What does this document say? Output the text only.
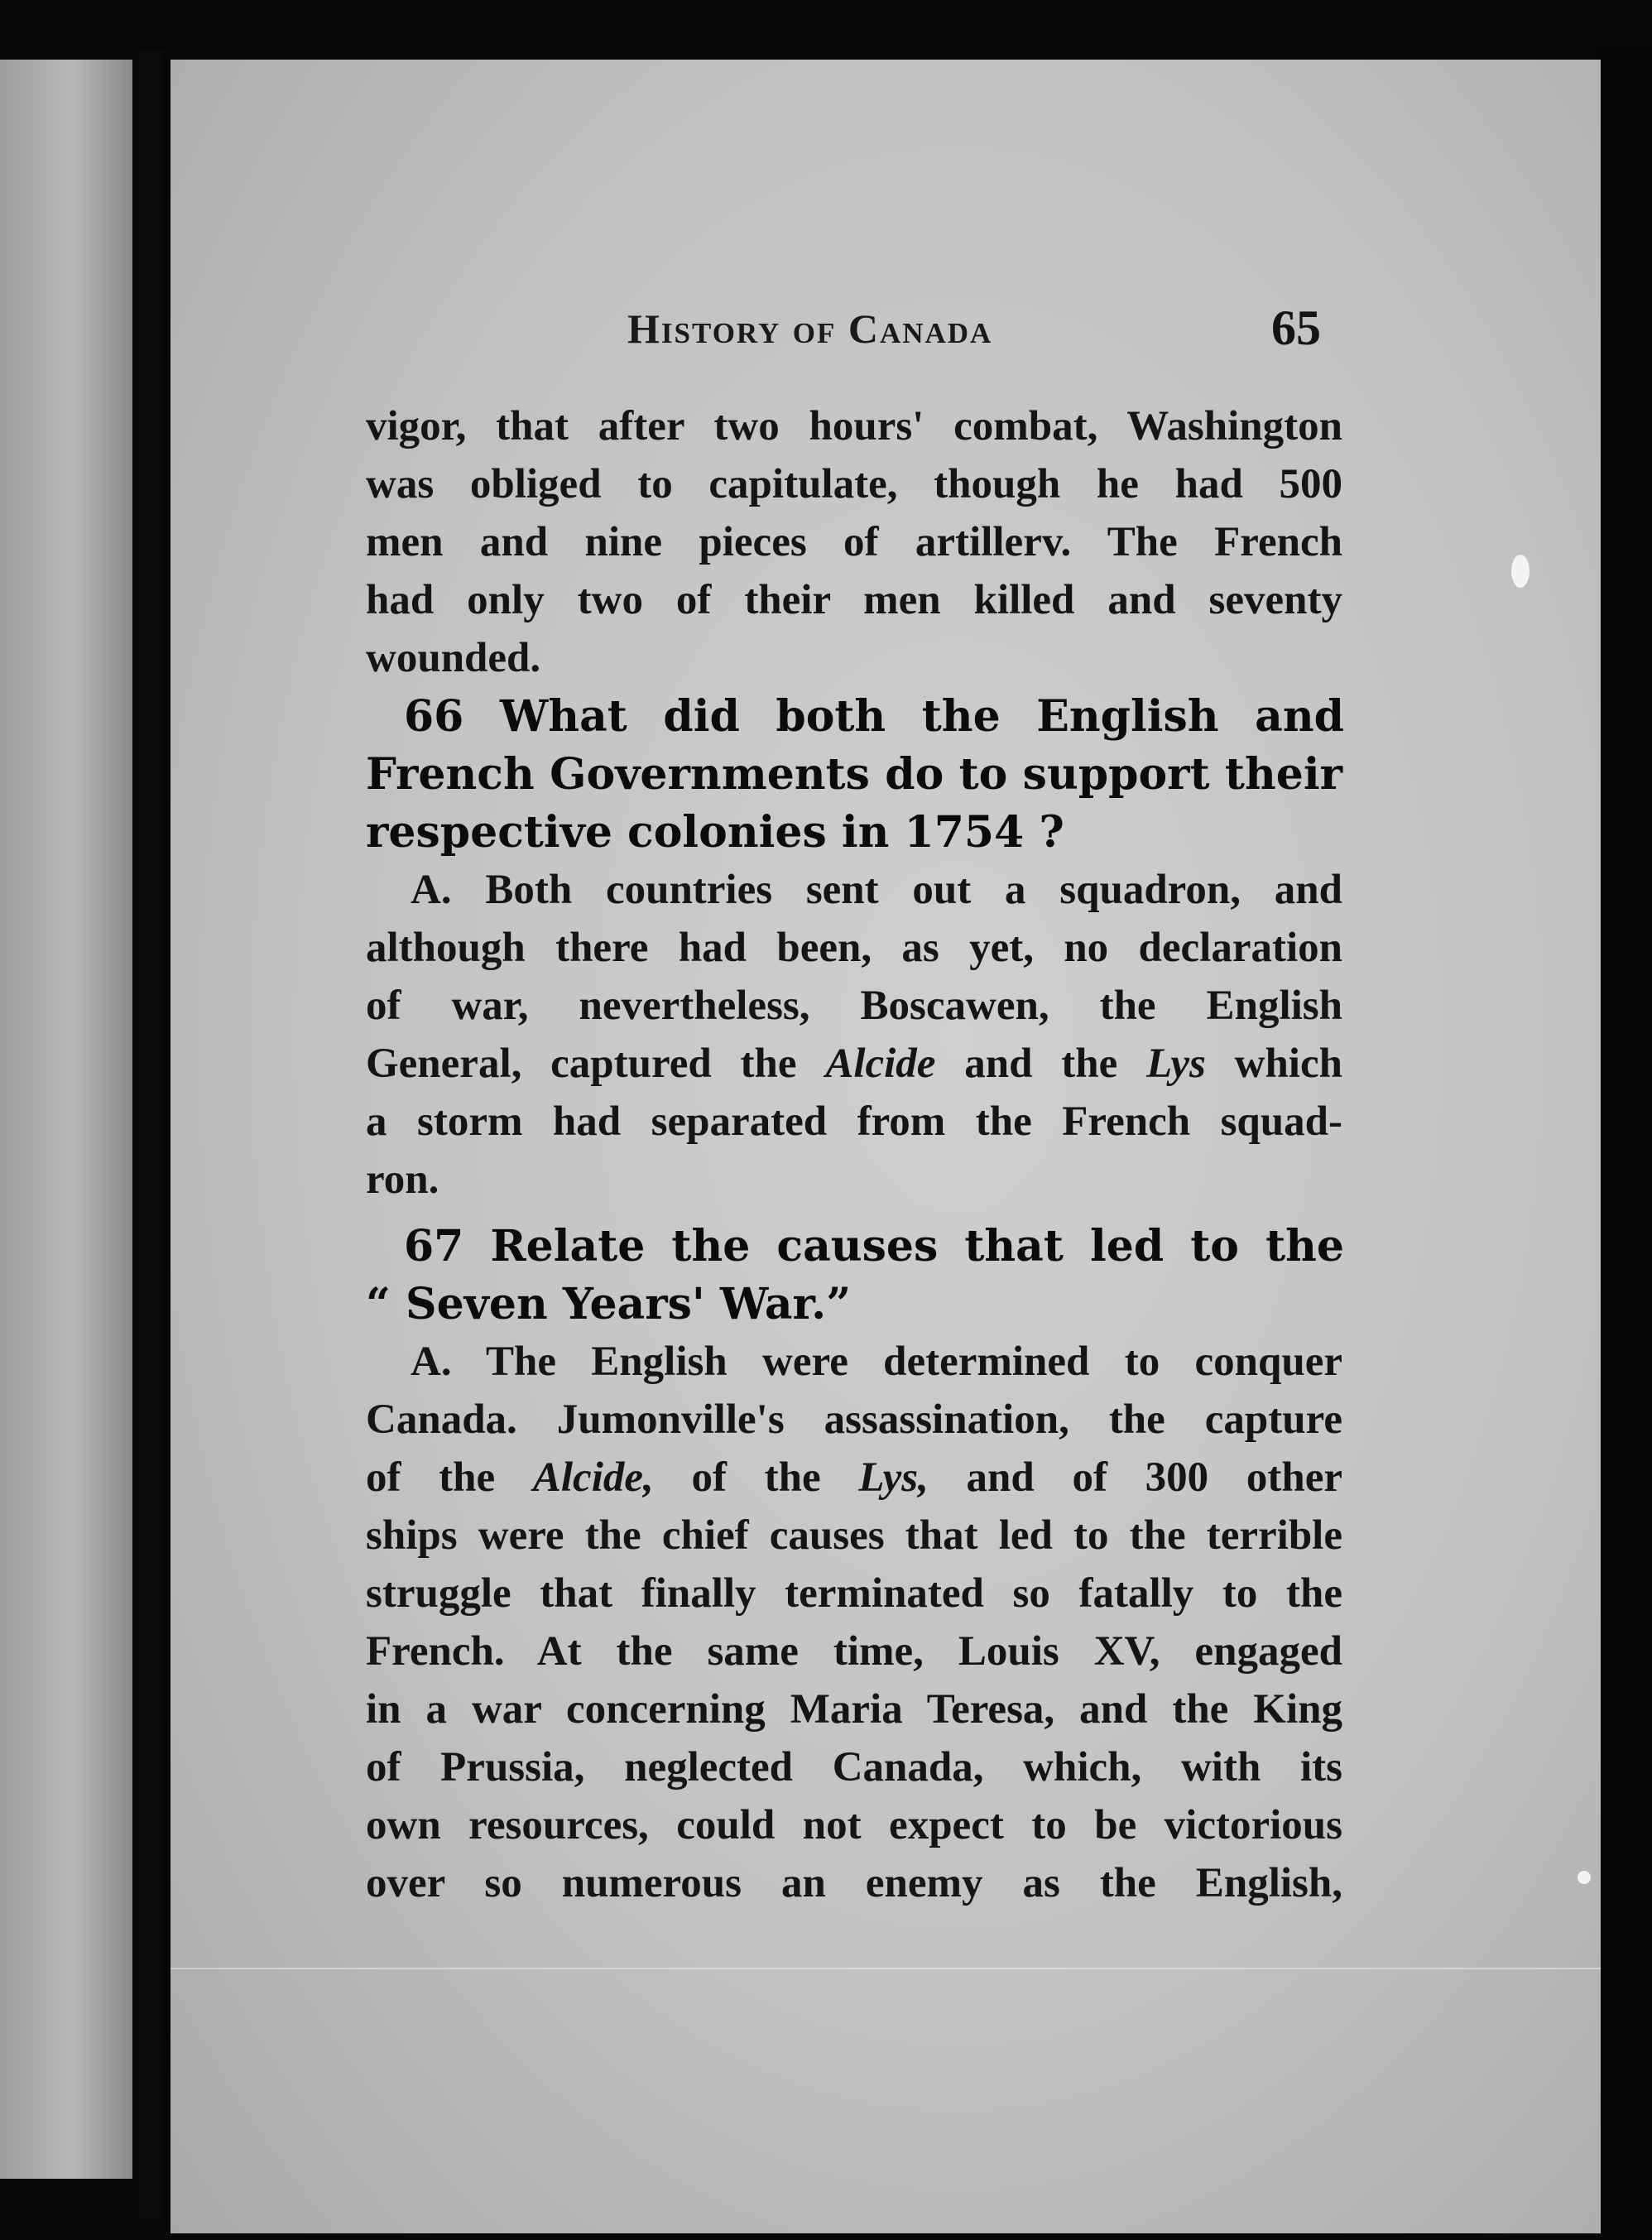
History of Canada	65
vigor, that after two hours' combat, Washington
was obliged to capitulate, though he had 500
men and nine pieces of artillerv. The French
had only two of their men killed and seventy
wounded.
66 What did both the English and
French Governments do to support their
respective colonies in 1754 ?
A. Both countries sent out a squadron, and
although there had been, as yet, no declaration
of war, nevertheless, Boscawen, the English
General, captured the Alcide and the Lys which
a storm had separated from the French squad-
ron.
67 Relate the causes that led to the
“ Seven Years' War.”
A. The English were determined to conquer
Canada. Jumonville's assassination, the capture
of the Alcide, of the Lys, and of 300 other
ships were the chief causes that led to the terrible
struggle that finally terminated so fatally to the
French. At the same time, Louis XV, engaged
in a war concerning Maria Teresa, and the King
of Prussia, neglected Canada, which, with its
own resources, could not expect to be victorious
over so numerous an enemy as the English,
